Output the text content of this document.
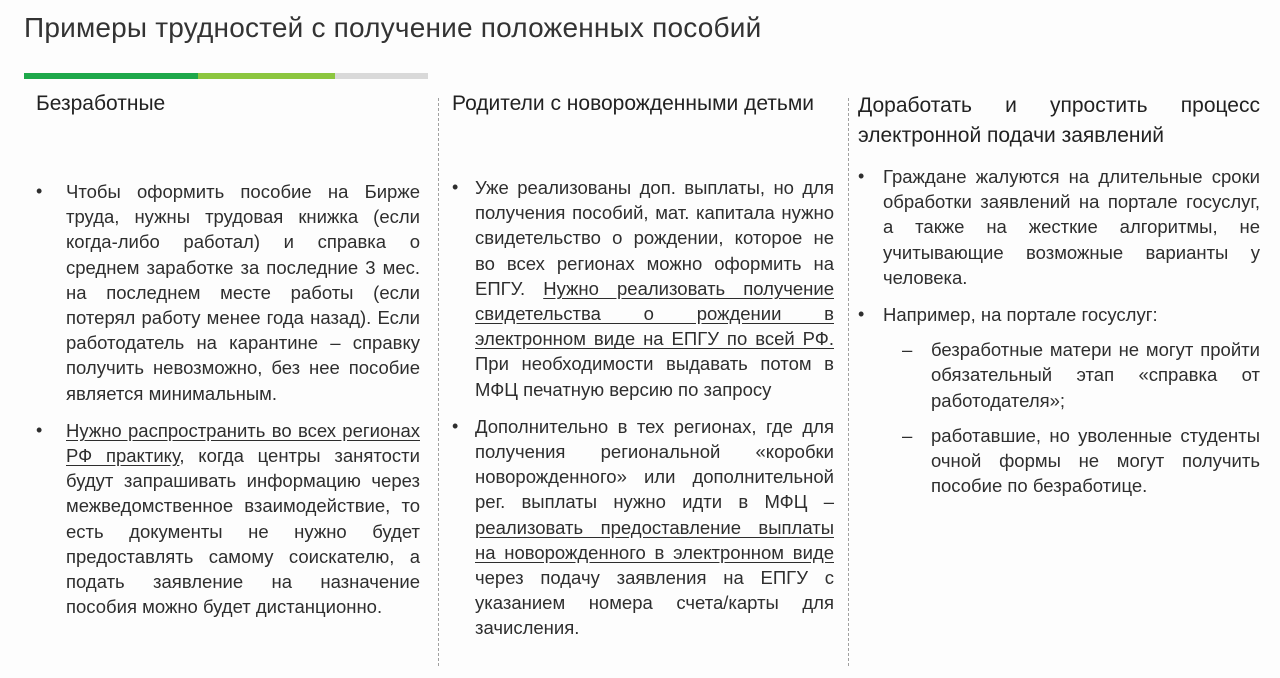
Примеры трудностей с получение положенных пособий
Безработные
• Чтобы оформить пособие на Бирже труда, нужны трудовая книжка (если когда-либо работал) и справка о среднем заработке за последние 3 мес. на последнем месте работы (если потерял работу менее года назад). Если работодатель на карантине – справку получить невозможно, без нее пособие является минимальным.
• Нужно распространить во всех регионах РФ практику, когда центры занятости будут запрашивать информацию через межведомственное взаимодействие, то есть документы не нужно будет предоставлять самому соискателю, а подать заявление на назначение пособия можно будет дистанционно.
Родители с новорожденными детьми
• Уже реализованы доп. выплаты, но для получения пособий, мат. капитала нужно свидетельство о рождении, которое не во всех регионах можно оформить на ЕПГУ. Нужно реализовать получение свидетельства о рождении в электронном виде на ЕПГУ по всей РФ. При необходимости выдавать потом в МФЦ печатную версию по запросу
• Дополнительно в тех регионах, где для получения региональной «коробки новорожденного» или дополнительной рег. выплаты нужно идти в МФЦ – реализовать предоставление выплаты на новорожденного в электронном виде через подачу заявления на ЕПГУ с указанием номера счета/карты для зачисления.
Доработать и упростить процесс электронной подачи заявлений
• Граждане жалуются на длительные сроки обработки заявлений на портале госуслуг, а также на жесткие алгоритмы, не учитывающие возможные варианты у человека.
• Например, на портале госуслуг:
– безработные матери не могут пройти обязательный этап «справка от работодателя»;
– работавшие, но уволенные студенты очной формы не могут получить пособие по безработице.
